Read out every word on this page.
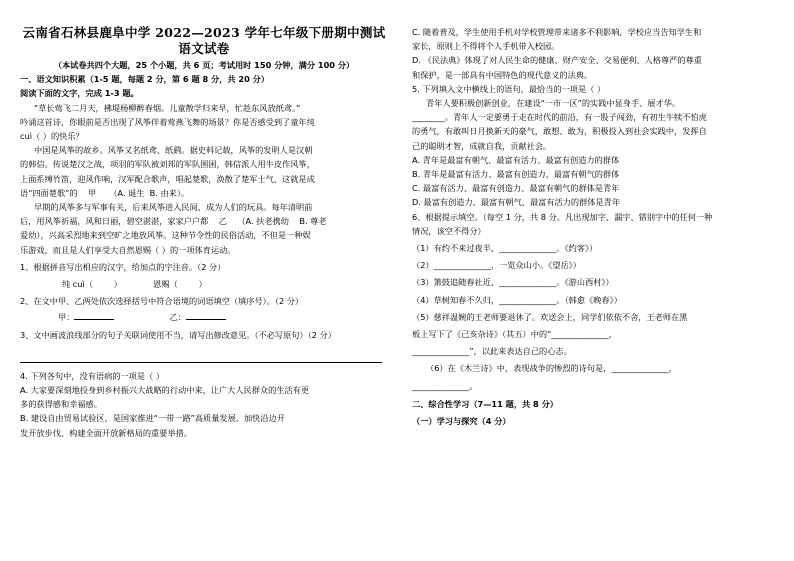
云南省石林县鹿阜中学 2022—2023 学年七年级下册期中测试
语文试卷
（本试卷共四个大题，25 个小题，共 6 页；考试用时 150 分钟，满分 100 分）
一、语文知识积累（1-5 题，每题 2 分，第 6 题 8 分，共 20 分）
阅读下面的文字，完成 1-3 题。
“草长莺飞二月天，拂堤杨柳醉春烟。儿童散学归来早，忙趁东风放纸鸢。”
吟诵这首诗，你眼前是否出现了风筝伴着莺燕飞舞的场景？你是否感受到了童年纯
cuì（ ）的快乐？
中国是风筝的故乡。风筝又名纸鸢、纸鹞。据史料记载，风筝的发明人是汉朝
的韩信。传说楚汉之战，项羽的军队被刘邦的军队围困，韩信派人用牛皮作风筝，
上面系缚竹笛，迎风作响，汉军配合歌声，唱起楚歌，涣散了楚军士气，这就是成
语“四面楚歌”的    甲     （A. 诞生  B. 由来）。
早期的风筝多与军事有关，后来风筝进入民间，成为人们的玩具。每年清明前
后，用风筝祈福，风和日丽，碧空湛湛，家家户户都    乙    （A. 扶老携幼    B. 尊老
爱幼），兴高采烈地来到空旷之地放风筝。这种节令性的民俗活动，不但是一种娱
乐游戏，而且是人们享受大自然恩赐（ ）的一项体育运动。
1、根据拼音写出相应的汉字，给加点的字注音。（2 分）
纯 cuì（        ）            恩赐（        ）
2、在文中甲、乙两处依次选择括号中符合语境的词语填空（填序号）。（2 分）
甲：	乙：
3、文中画波浪线部分的句子关联词使用不当，请写出修改意见。（不必写原句）（2 分）
4. 下列各句中，没有语病的一项是（ ）
A. 大家要深刻地投身到乡村振兴大战略的行动中来，让广大人民群众的生活有更
多的获得感和幸福感。
B. 建设自由贸易试验区，是国家推进“一带一路”高质量发展、加快沿边开
发开放步伐、构建全面开放新格局的重要举措。
C. 随着普及，学生使用手机对学校管理带来诸多不利影响，学校应当告知学生和
家长，原则上不得将个人手机带入校园。
D. 《民法典》体现了对人民生命的健康、财产安全、交易便利、人格尊严的尊重
和保护，是一部具有中国特色的现代意义的法典。
5. 下列填入文中横线上的语句，最恰当的一项是（ ）
青年人要积极创新创业，在建设“一市一区”的实践中显身手、展才华。
________。青年人一定要勇于走在时代的前沿，有一股子闯劲，有初生牛犊不怕虎
的勇气，有敢叫日月换新天的豪气，敢想、敢为，积极投入到社会实践中，发挥自
己的聪明才智，成就自我，贡献社会。
A. 青年是最富有朝气、最富有活力、最富有创造力的群体
B. 青年是最富有活力、最富有创造力、最富有朝气的群体
C. 最富有活力、最富有创造力、最富有朝气的群体是青年
D. 最富有创造力、最富有朝气、最富有活力的群体是青年
6、根据提示填空。（每空 1 分，共 8 分。凡出现加字、漏字、错别字中的任何一种
情况，该空不得分）
（1）有约不来过夜半，______________。《约客》）
（2）______________，一览众山小。《望岳》）
（3）箫鼓追随春社近，______________。《游山西村》）
（4）草树知春不久归，______________。（韩愈《晚春》）
（5）慈祥温婉的王老师要退休了。欢送会上，同学们依依不舍，王老师在黑
板上写下了《己亥杂诗》（其五）中的“______________，
______________”，以此来表达自己的心志。
（6）在《木兰诗》中，表现战争的惨烈的诗句是，______________，
______________。
二、综合性学习（7—11 题，共 8 分）
（一）学习与探究（4 分）
